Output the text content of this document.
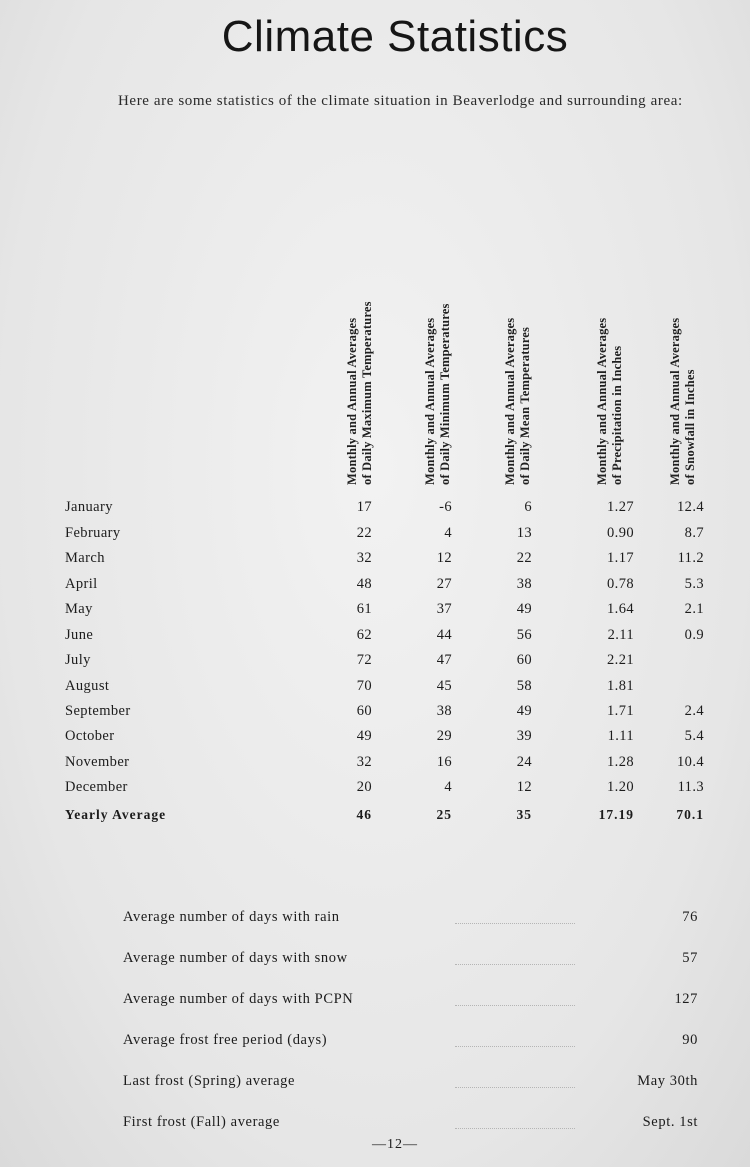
Climate Statistics
Here are some statistics of the climate situation in Beaverlodge and surrounding area:
Monthly and Annual Averages of Daily Maximum Temperatures	Monthly and Annual Averages of Daily Minimum Temperatures	Monthly and Annual Averages of Daily Mean Temperatures	Monthly and Annual Averages of Precipitation in Inches	Monthly and Annual Averages of Snowfall in Inches
January	17	-6	6	1.27	12.4
February	22	4	13	0.90	8.7
March	32	12	22	1.17	11.2
April	48	27	38	0.78	5.3
May	61	37	49	1.64	2.1
June	62	44	56	2.11	0.9
July	72	47	60	2.21
August	70	45	58	1.81
September	60	38	49	1.71	2.4
October	49	29	39	1.11	5.4
November	32	16	24	1.28	10.4
December	20	4	12	1.20	11.3
Yearly Average	46	25	35	17.19	70.1
Average number of days with rain	76
Average number of days with snow	57
Average number of days with PCPN	127
Average frost free period (days)	90
Last frost (Spring) average	May 30th
First frost (Fall) average	Sept. 1st
—12—
